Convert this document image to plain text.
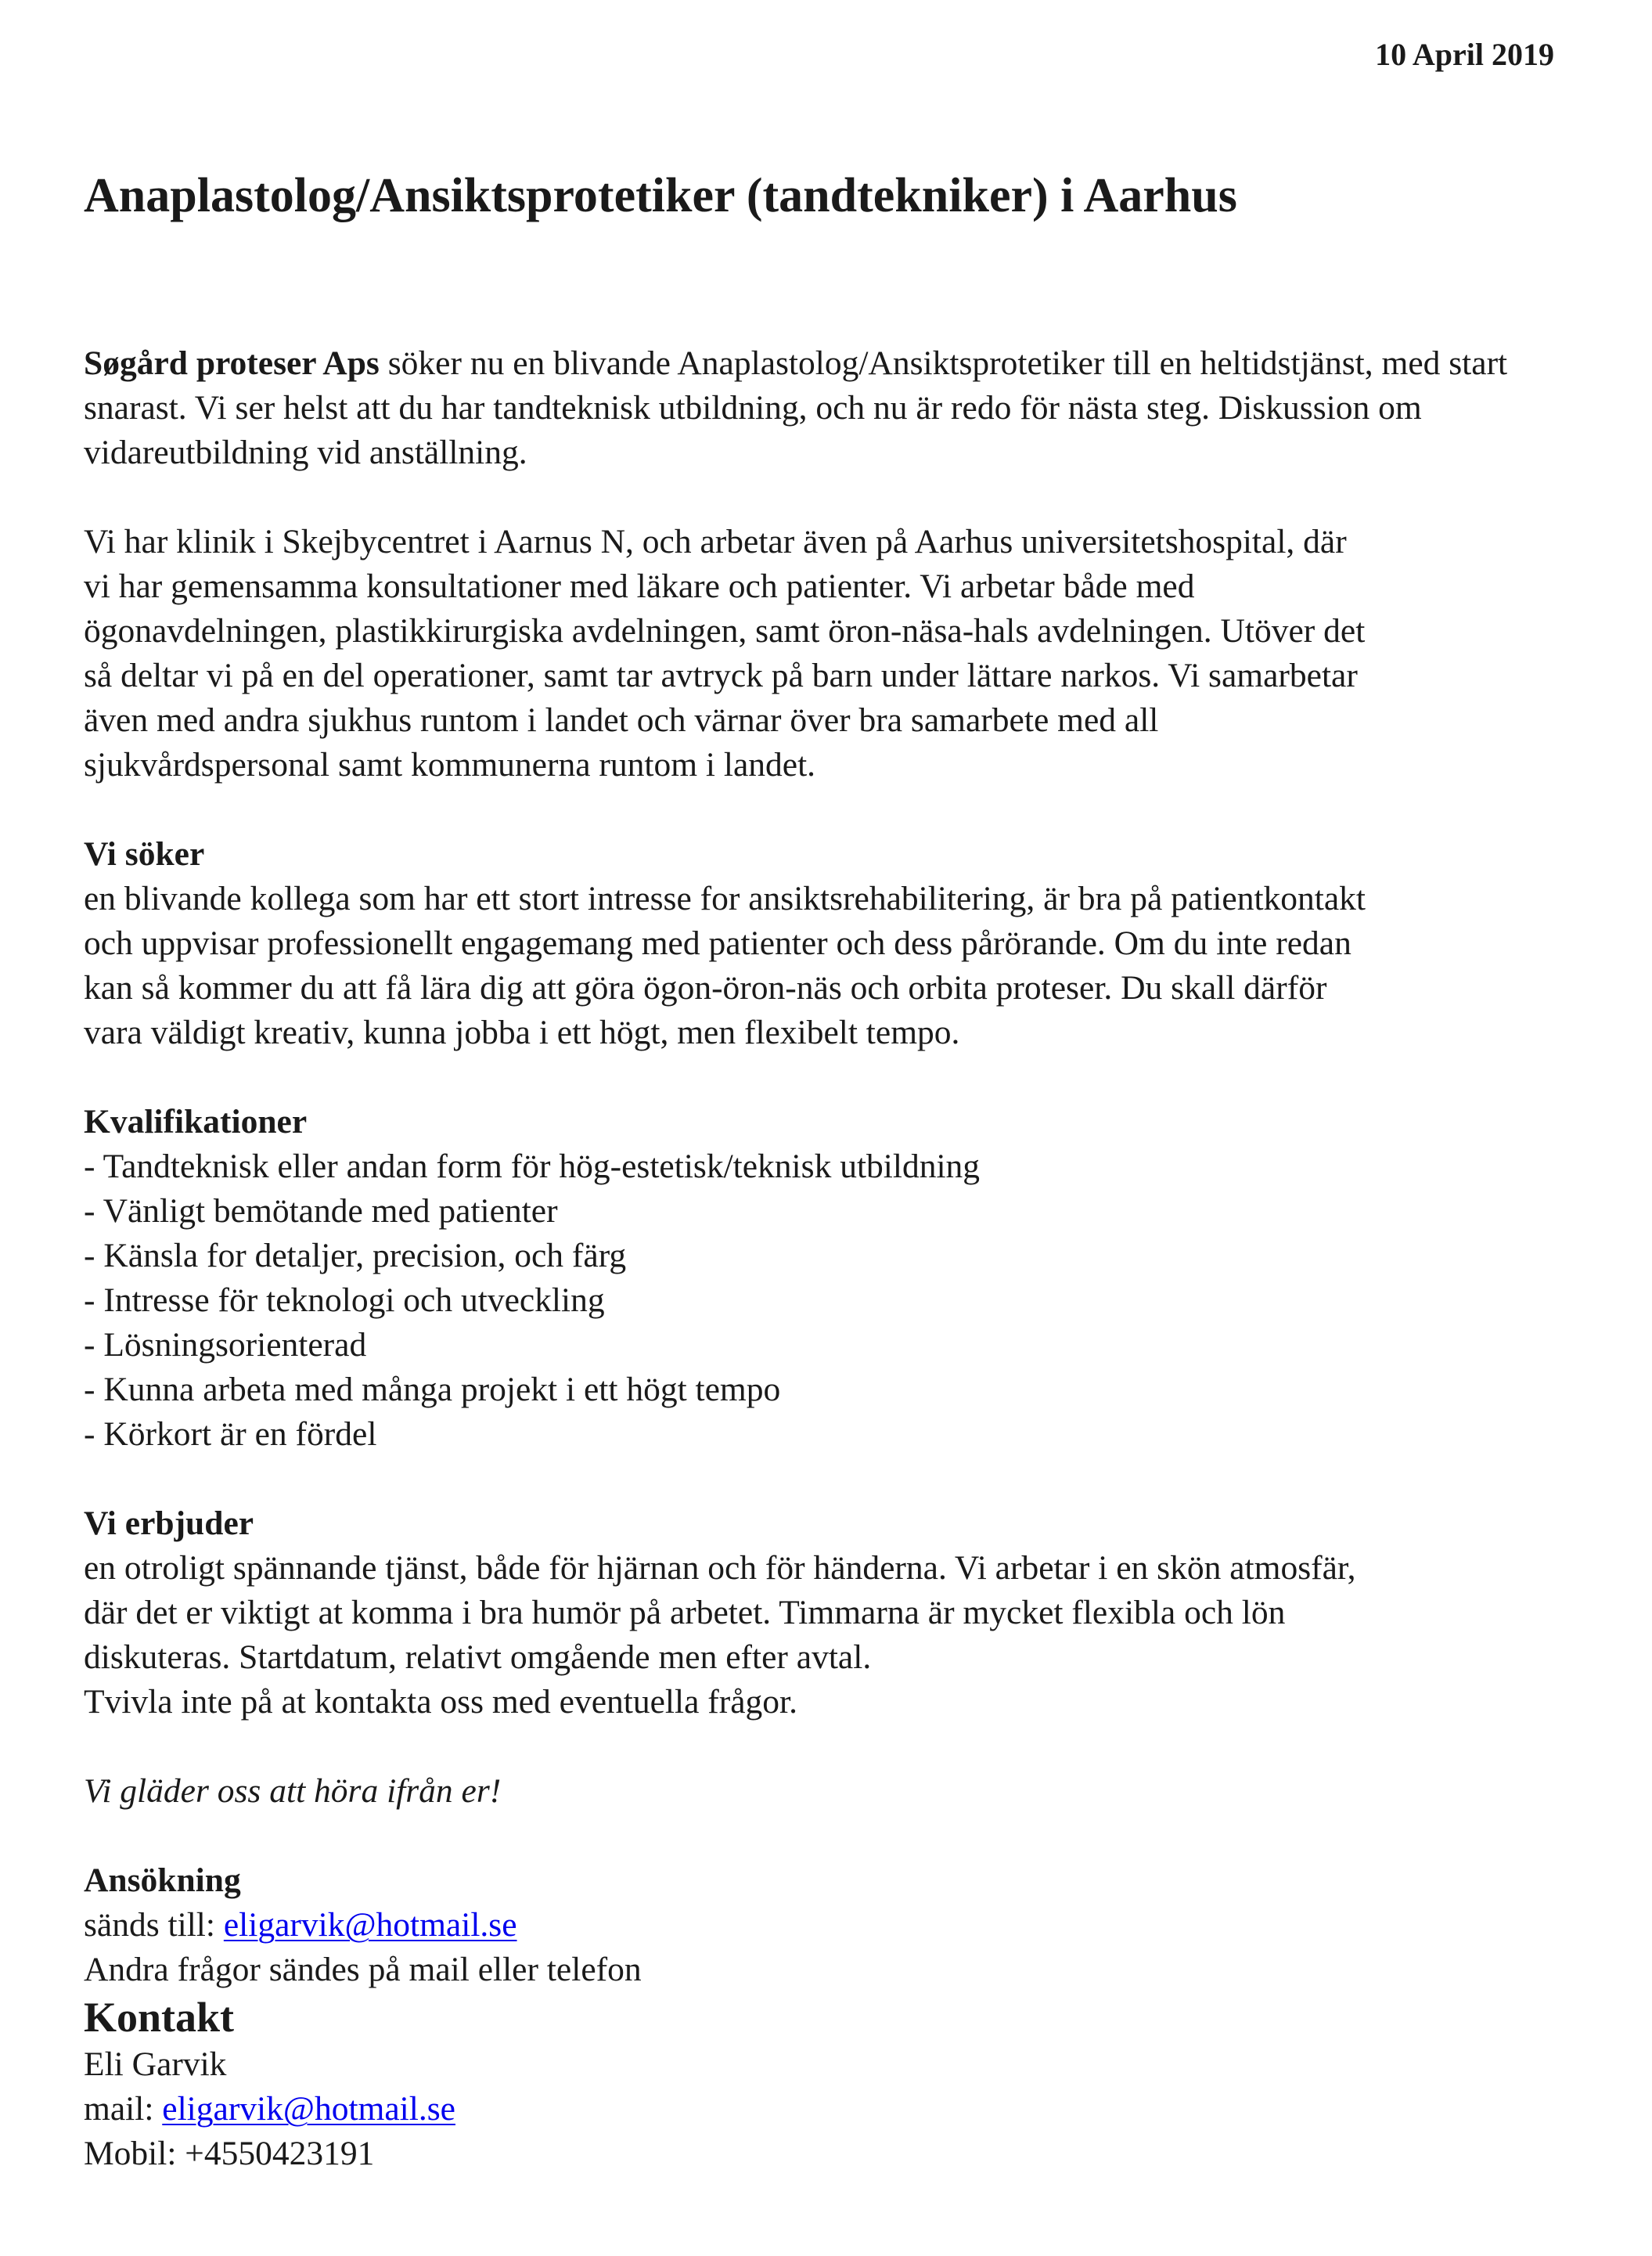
10 April 2019
Anaplastolog/Ansiktsprotetiker (tandtekniker) i Aarhus

Søgård proteser Aps söker nu en blivande Anaplastolog/Ansiktsprotetiker till en heltidstjänst, med start snarast. Vi ser helst att du har tandteknisk utbildning, och nu är redo för nästa steg. Diskussion om vidareutbildning vid anställning.

Vi har klinik i Skejbycentret i Aarnus N, och arbetar även på Aarhus universitetshospital, där

vi har gemensamma konsultationer med läkare och patienter. Vi arbetar både med

ögonavdelningen, plastikkirurgiska avdelningen, samt öron-näsa-hals avdelningen. Utöver det

så deltar vi på en del operationer, samt tar avtryck på barn under lättare narkos. Vi samarbetar

även med andra sjukhus runtom i landet och värnar över bra samarbete med all

sjukvårdspersonal samt kommunerna runtom i landet.

Vi söker

en blivande kollega som har ett stort intresse for ansiktsrehabilitering, är bra på patientkontakt

och uppvisar professionellt engagemang med patienter och dess pårörande. Om du inte redan

kan så kommer du att få lära dig att göra ögon-öron-näs och orbita proteser. Du skall därför

vara väldigt kreativ, kunna jobba i ett högt, men flexibelt tempo.

Kvalifikationer

- Tandteknisk eller andan form för hög-estetisk/teknisk utbildning
- Vänligt bemötande med patienter
- Känsla for detaljer, precision, och färg
- Intresse för teknologi och utveckling
- Lösningsorienterad
- Kunna arbeta med många projekt i ett högt tempo
- Körkort är en fördel

Vi erbjuder

en otroligt spännande tjänst, både för hjärnan och för händerna. Vi arbetar i en skön atmosfär,

där det er viktigt at komma i bra humör på arbetet. Timmarna är mycket flexibla och lön

diskuteras. Startdatum, relativt omgående men efter avtal.

Tvivla inte på at kontakta oss med eventuella frågor.

Vi gläder oss att höra ifrån er!

Ansökning

sänds till: eligarvik@hotmail.se

Andra frågor sändes på mail eller telefon

Kontakt

Eli Garvik

mail: eligarvik@hotmail.se

Mobil: +4550423191
